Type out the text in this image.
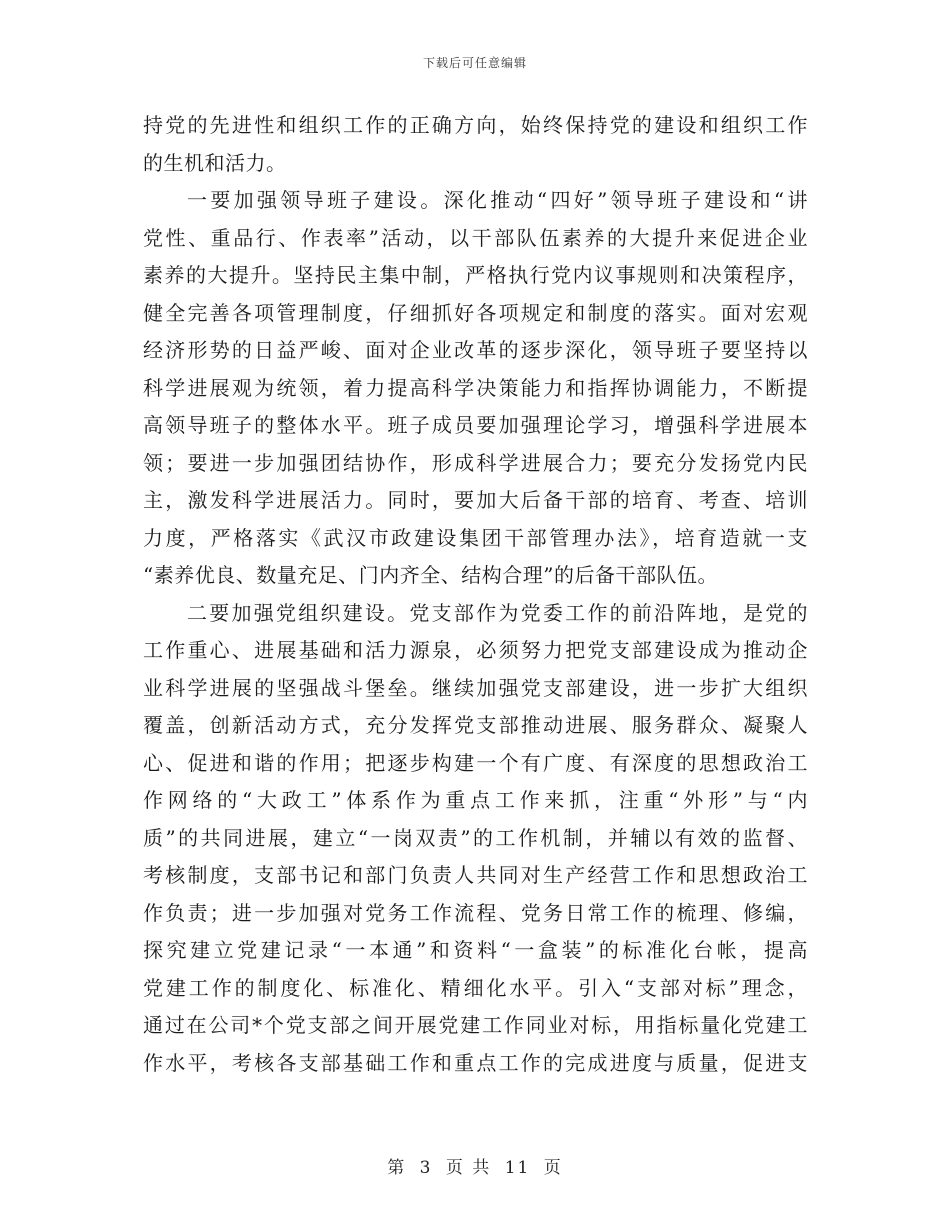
下载后可任意编辑
持党的先进性和组织工作的正确方向，始终保持党的建设和组织工作
的生机和活力。
一要加强领导班子建设。深化推动“四好”领导班子建设和“讲
党性、重品行、作表率”活动，以干部队伍素养的大提升来促进企业
素养的大提升。坚持民主集中制，严格执行党内议事规则和决策程序，
健全完善各项管理制度，仔细抓好各项规定和制度的落实。面对宏观
经济形势的日益严峻、面对企业改革的逐步深化，领导班子要坚持以
科学进展观为统领，着力提高科学决策能力和指挥协调能力，不断提
高领导班子的整体水平。班子成员要加强理论学习，增强科学进展本
领；要进一步加强团结协作，形成科学进展合力；要充分发扬党内民
主，激发科学进展活力。同时，要加大后备干部的培育、考查、培训
力度，严格落实《武汉市政建设集团干部管理办法》，培育造就一支
“素养优良、数量充足、门内齐全、结构合理”的后备干部队伍。
二要加强党组织建设。党支部作为党委工作的前沿阵地，是党的
工作重心、进展基础和活力源泉，必须努力把党支部建设成为推动企
业科学进展的坚强战斗堡垒。继续加强党支部建设，进一步扩大组织
覆盖，创新活动方式，充分发挥党支部推动进展、服务群众、凝聚人
心、促进和谐的作用；把逐步构建一个有广度、有深度的思想政治工
作网络的“大政工”体系作为重点工作来抓，注重“外形”与“内
质”的共同进展，建立“一岗双责”的工作机制，并辅以有效的监督、
考核制度，支部书记和部门负责人共同对生产经营工作和思想政治工
作负责；进一步加强对党务工作流程、党务日常工作的梳理、修编，
探究建立党建记录“一本通”和资料“一盒装”的标准化台帐，提高
党建工作的制度化、标准化、精细化水平。引入“支部对标”理念，
通过在公司*个党支部之间开展党建工作同业对标，用指标量化党建工
作水平，考核各支部基础工作和重点工作的完成进度与质量，促进支
第 3 页 共 11 页
